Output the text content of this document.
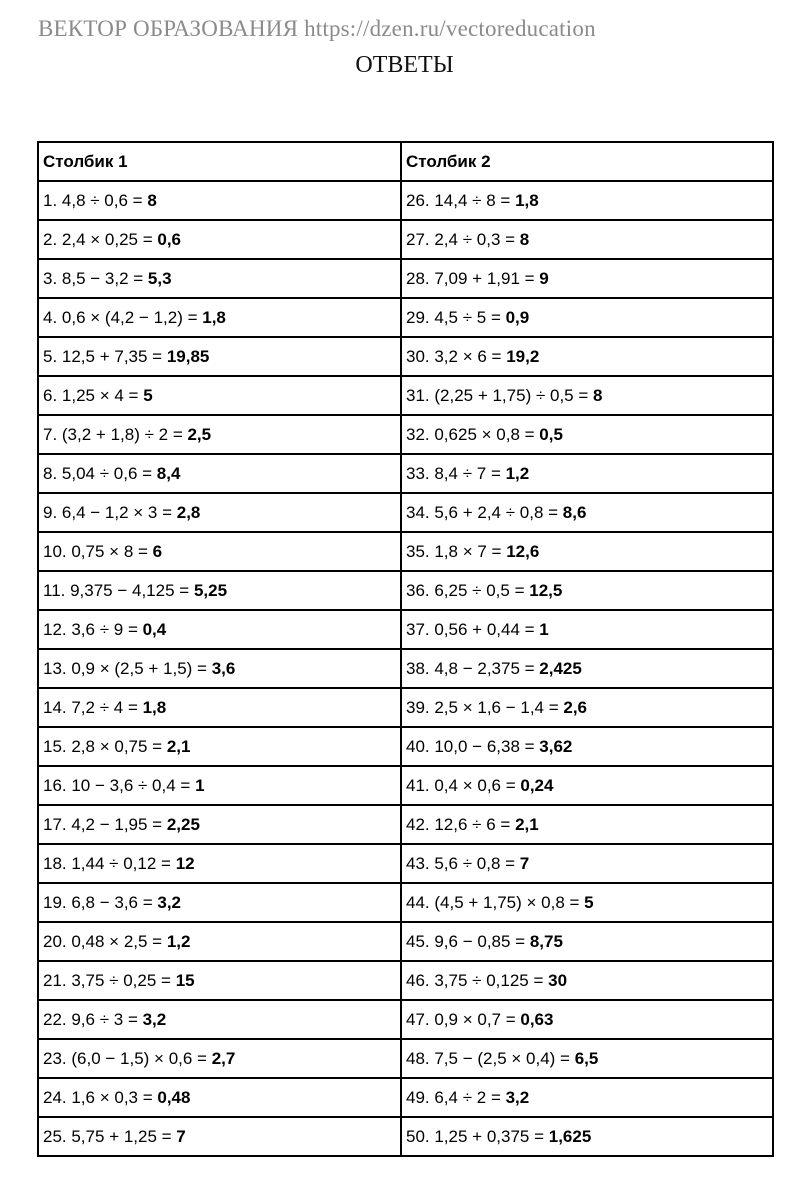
ВЕКТОР ОБРАЗОВАНИЯ https://dzen.ru/vectoreducation
ОТВЕТЫ
Столбик 1	Столбик 2
1. 4,8 ÷ 0,6 = 8	26. 14,4 ÷ 8 = 1,8
2. 2,4 × 0,25 = 0,6	27. 2,4 ÷ 0,3 = 8
3. 8,5 − 3,2 = 5,3	28. 7,09 + 1,91 = 9
4. 0,6 × (4,2 − 1,2) = 1,8	29. 4,5 ÷ 5 = 0,9
5. 12,5 + 7,35 = 19,85	30. 3,2 × 6 = 19,2
6. 1,25 × 4 = 5	31. (2,25 + 1,75) ÷ 0,5 = 8
7. (3,2 + 1,8) ÷ 2 = 2,5	32. 0,625 × 0,8 = 0,5
8. 5,04 ÷ 0,6 = 8,4	33. 8,4 ÷ 7 = 1,2
9. 6,4 − 1,2 × 3 = 2,8	34. 5,6 + 2,4 ÷ 0,8 = 8,6
10. 0,75 × 8 = 6	35. 1,8 × 7 = 12,6
11. 9,375 − 4,125 = 5,25	36. 6,25 ÷ 0,5 = 12,5
12. 3,6 ÷ 9 = 0,4	37. 0,56 + 0,44 = 1
13. 0,9 × (2,5 + 1,5) = 3,6	38. 4,8 − 2,375 = 2,425
14. 7,2 ÷ 4 = 1,8	39. 2,5 × 1,6 − 1,4 = 2,6
15. 2,8 × 0,75 = 2,1	40. 10,0 − 6,38 = 3,62
16. 10 − 3,6 ÷ 0,4 = 1	41. 0,4 × 0,6 = 0,24
17. 4,2 − 1,95 = 2,25	42. 12,6 ÷ 6 = 2,1
18. 1,44 ÷ 0,12 = 12	43. 5,6 ÷ 0,8 = 7
19. 6,8 − 3,6 = 3,2	44. (4,5 + 1,75) × 0,8 = 5
20. 0,48 × 2,5 = 1,2	45. 9,6 − 0,85 = 8,75
21. 3,75 ÷ 0,25 = 15	46. 3,75 ÷ 0,125 = 30
22. 9,6 ÷ 3 = 3,2	47. 0,9 × 0,7 = 0,63
23. (6,0 − 1,5) × 0,6 = 2,7	48. 7,5 − (2,5 × 0,4) = 6,5
24. 1,6 × 0,3 = 0,48	49. 6,4 ÷ 2 = 3,2
25. 5,75 + 1,25 = 7	50. 1,25 + 0,375 = 1,625
